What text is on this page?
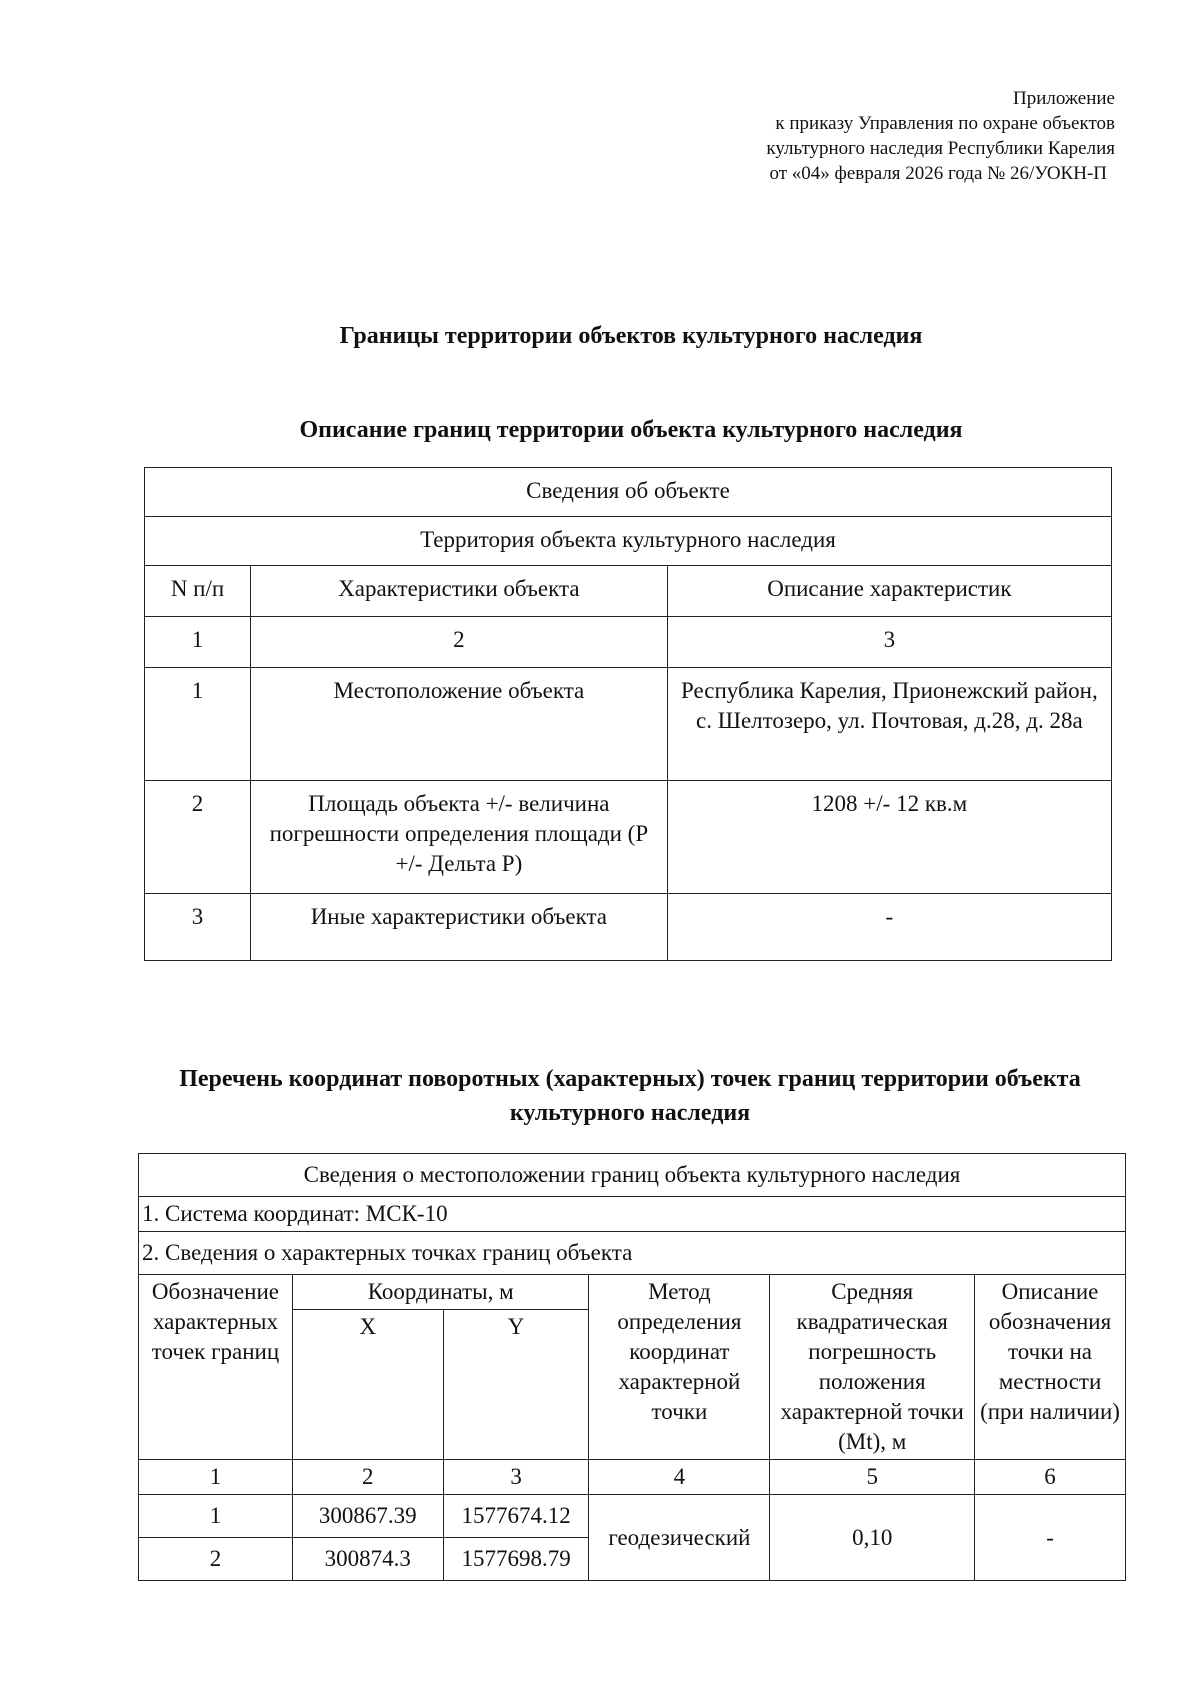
Приложение
к приказу Управления по охране объектов
культурного наследия Республики Карелия
от «04» февраля 2026 года № 26/УОКН-П
Границы территории объектов культурного наследия
Описание границ территории объекта культурного наследия
Сведения об объекте		
Территория объекта культурного наследия		
N п/п	Характеристики объекта	Описание характеристик
1	2	3
1	Местоположение объекта	Республика Карелия, Прионежский район, с. Шелтозеро, ул. Почтовая, д.28, д. 28а
2	Площадь объекта +/- величина погрешности определения площади (Р +/- Дельта Р)	1208 +/- 12 кв.м
3	Иные характеристики объекта	-
Перечень координат поворотных (характерных) точек границ территории объекта культурного наследия
Сведения о местоположении границ объекта культурного наследия					
1. Система координат: МСК-10					
2. Сведения о характерных точках границ объекта					
Обозначение характерных точек границ	Координаты, м		Метод определения координат характерной точки	Средняя квадратическая погрешность положения характерной точки (Mt), м	Описание обозначения точки на местности (при наличии)
	X	Y			
1	2	3	4	5	6
1	300867.39	1577674.12	геодезический	0,10	-
2	300874.3	1577698.79			
